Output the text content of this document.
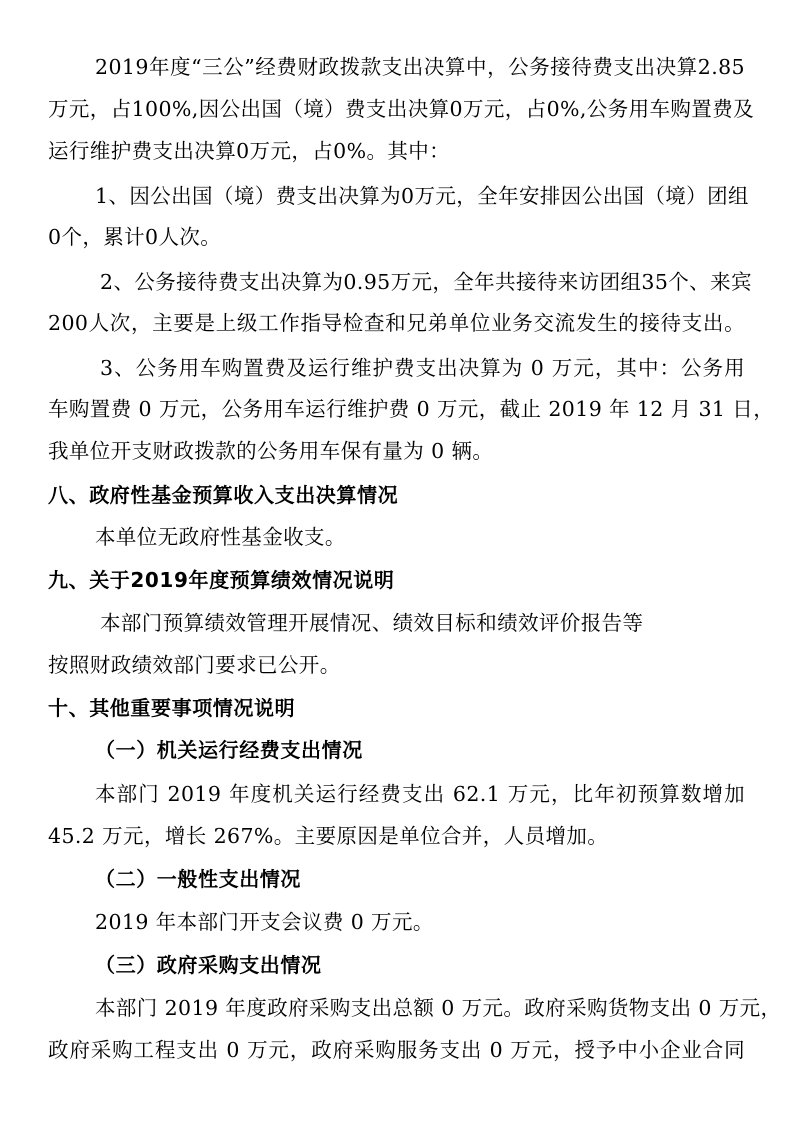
2019年度“三公”经费财政拨款支出决算中，公务接待费支出决算2.85
万元，占100%,因公出国（境）费支出决算0万元，占0%,公务用车购置费及
运行维护费支出决算0万元，占0%。其中：
1、因公出国（境）费支出决算为0万元，全年安排因公出国（境）团组
0个，累计0人次。
2、公务接待费支出决算为0.95万元，全年共接待来访团组35个、来宾
200人次，主要是上级工作指导检查和兄弟单位业务交流发生的接待支出。
3、公务用车购置费及运行维护费支出决算为 0 万元，其中：公务用
车购置费 0 万元，公务用车运行维护费 0 万元，截止 2019 年 12 月 31 日，
我单位开支财政拨款的公务用车保有量为 0 辆。
八、政府性基金预算收入支出决算情况
本单位无政府性基金收支。
九、关于2019年度预算绩效情况说明
本部门预算绩效管理开展情况、绩效目标和绩效评价报告等
按照财政绩效部门要求已公开。
十、其他重要事项情况说明
（一）机关运行经费支出情况
本部门 2019 年度机关运行经费支出 62.1 万元，比年初预算数增加
45.2 万元，增长 267%。主要原因是单位合并，人员增加。
（二）一般性支出情况
2019 年本部门开支会议费 0 万元。
（三）政府采购支出情况
本部门 2019 年度政府采购支出总额 0 万元。政府采购货物支出 0 万元，
政府采购工程支出 0 万元，政府采购服务支出 0 万元，授予中小企业合同
